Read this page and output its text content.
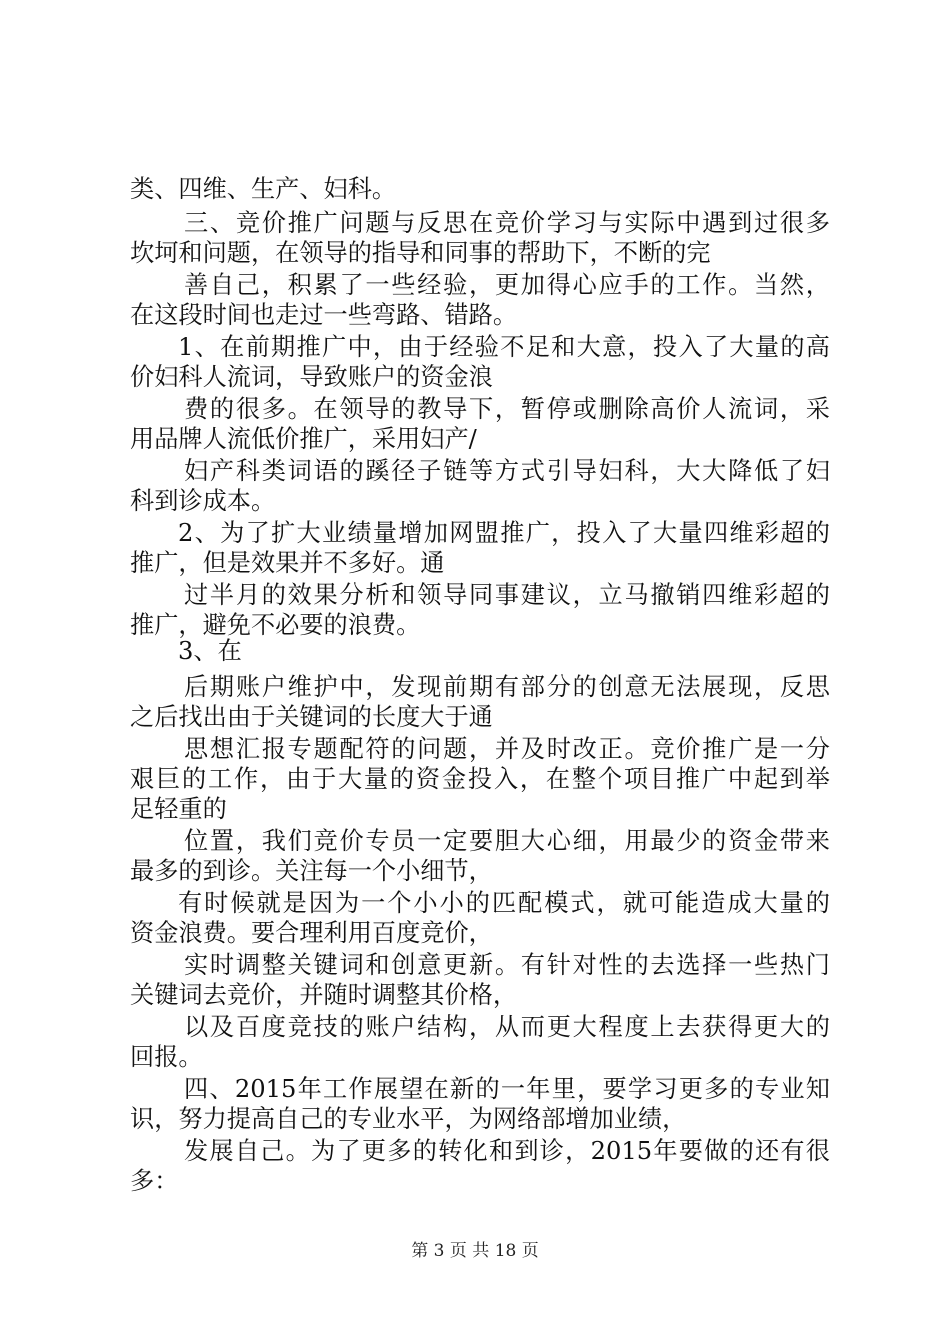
类、四维、生产、妇科。
三、竞价推广问题与反思在竞价学习与实际中遇到过很多
坎坷和问题，在领导的指导和同事的帮助下，不断的完
善自己，积累了一些经验，更加得心应手的工作。当然，
在这段时间也走过一些弯路、错路。
1、在前期推广中，由于经验不足和大意，投入了大量的高
价妇科人流词，导致账户的资金浪
费的很多。在领导的教导下，暂停或删除高价人流词，采
用品牌人流低价推广，采用妇产/
妇产科类词语的蹊径子链等方式引导妇科，大大降低了妇
科到诊成本。
2、为了扩大业绩量增加网盟推广，投入了大量四维彩超的
推广，但是效果并不多好。通
过半月的效果分析和领导同事建议，立马撤销四维彩超的
推广，避免不必要的浪费。
3、在
后期账户维护中，发现前期有部分的创意无法展现，反思
之后找出由于关键词的长度大于通
思想汇报专题配符的问题，并及时改正。竞价推广是一分
艰巨的工作，由于大量的资金投入，在整个项目推广中起到举
足轻重的
位置，我们竞价专员一定要胆大心细，用最少的资金带来
最多的到诊。关注每一个小细节，
有时候就是因为一个小小的匹配模式，就可能造成大量的
资金浪费。要合理利用百度竞价，
实时调整关键词和创意更新。有针对性的去选择一些热门
关键词去竞价，并随时调整其价格，
以及百度竞技的账户结构，从而更大程度上去获得更大的
回报。
四、2015年工作展望在新的一年里，要学习更多的专业知
识，努力提高自己的专业水平，为网络部增加业绩，
发展自己。为了更多的转化和到诊，2015年要做的还有很
多：
第 3 页 共 18 页
